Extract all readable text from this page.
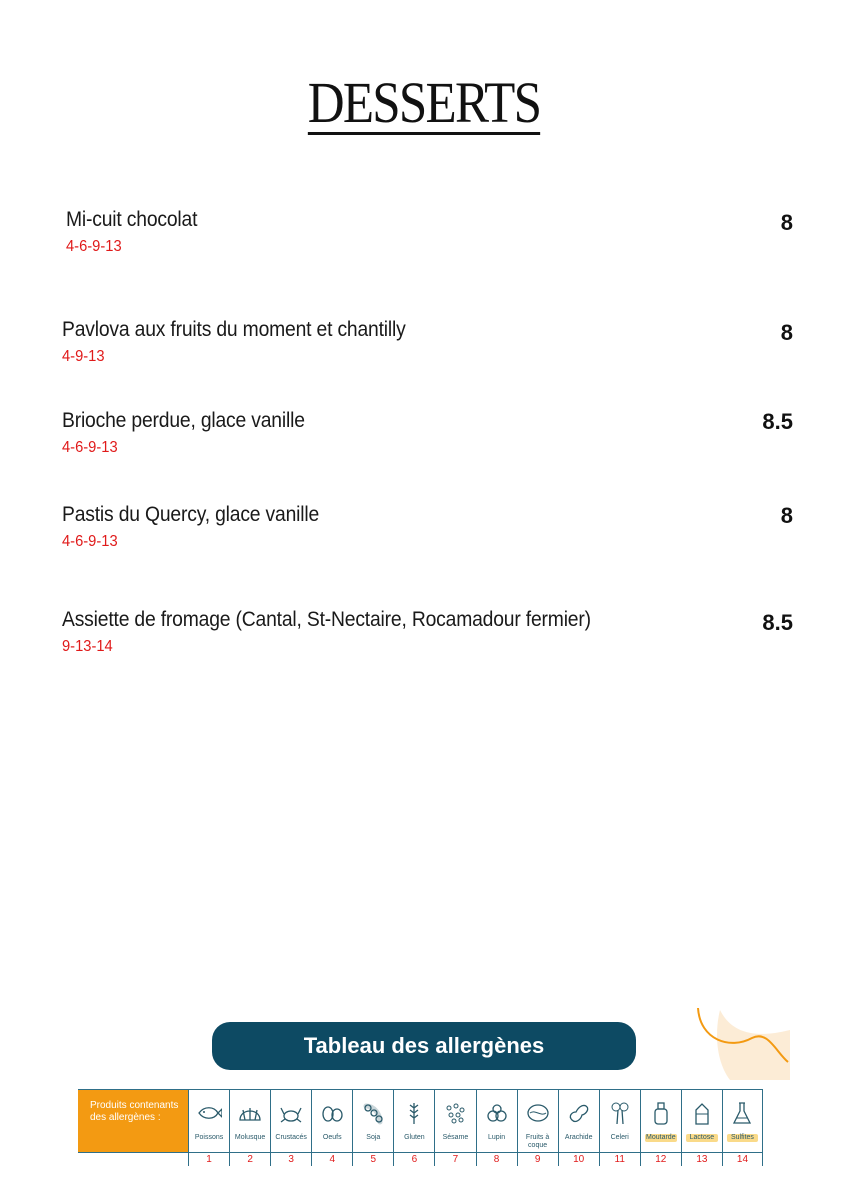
DESSERTS
Mi-cuit chocolat
4-6-9-13
8
Pavlova aux fruits du moment et chantilly
4-9-13
8
Brioche perdue, glace vanille
4-6-9-13
8.5
Pastis du Quercy, glace vanille
4-6-9-13
8
Assiette de fromage (Cantal, St-Nectaire, Rocamadour fermier)
9-13-14
8.5
Tableau des allergènes
Produits contenants des allergènes :
Poissons
1
Molusque
2
Crustacés
3
Oeufs
4
Soja
5
Gluten
6
Sésame
7
Lupin
8
Fruits à coque
9
Arachide
10
Celeri
11
Moutarde
12
Lactose
13
Sulfites
14
